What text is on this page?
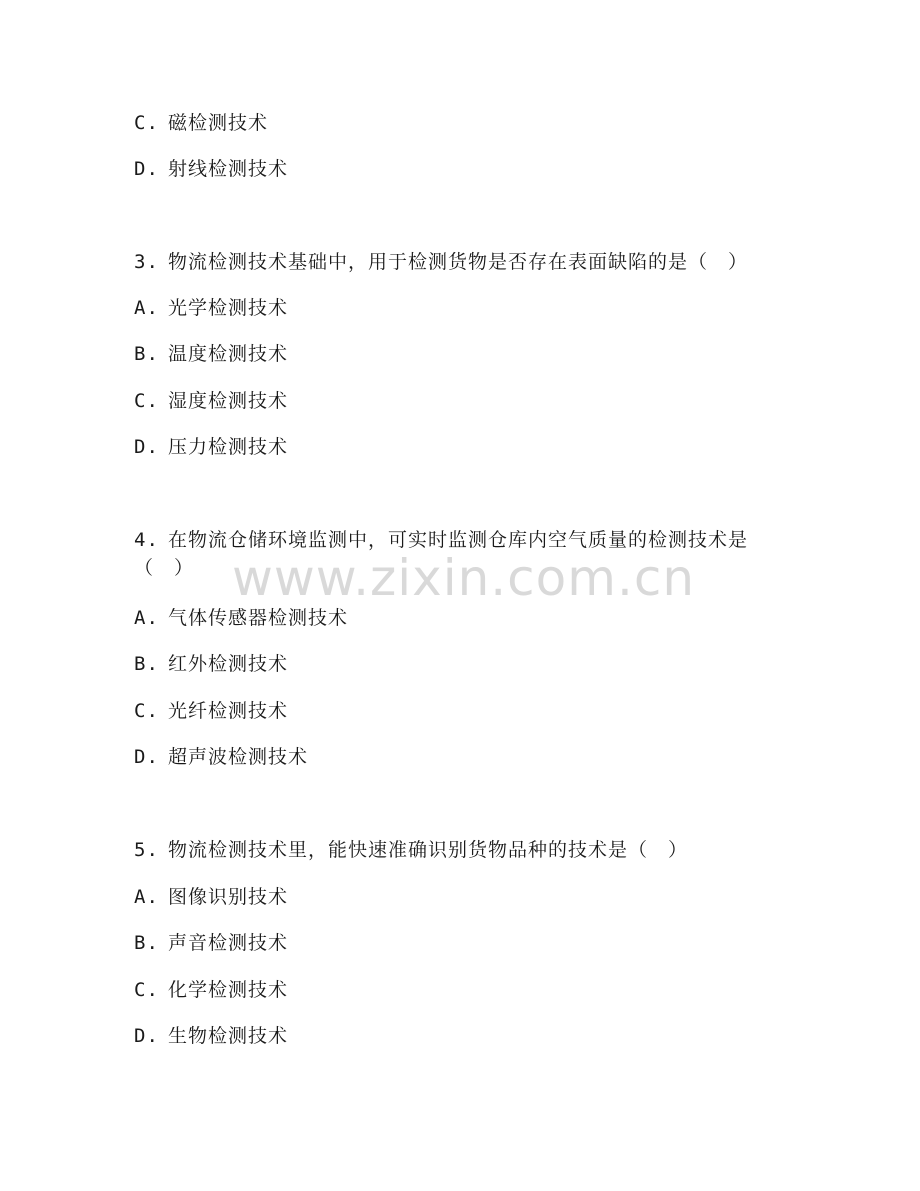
C. 磁检测技术
D. 射线检测技术
3. 物流检测技术基础中，用于检测货物是否存在表面缺陷的是（　）
A. 光学检测技术
B. 温度检测技术
C. 湿度检测技术
D. 压力检测技术
4. 在物流仓储环境监测中，可实时监测仓库内空气质量的检测技术是（　）
A. 气体传感器检测技术
B. 红外检测技术
C. 光纤检测技术
D. 超声波检测技术
5. 物流检测技术里，能快速准确识别货物品种的技术是（　）
A. 图像识别技术
B. 声音检测技术
C. 化学检测技术
D. 生物检测技术
www.zixin.com.cn
